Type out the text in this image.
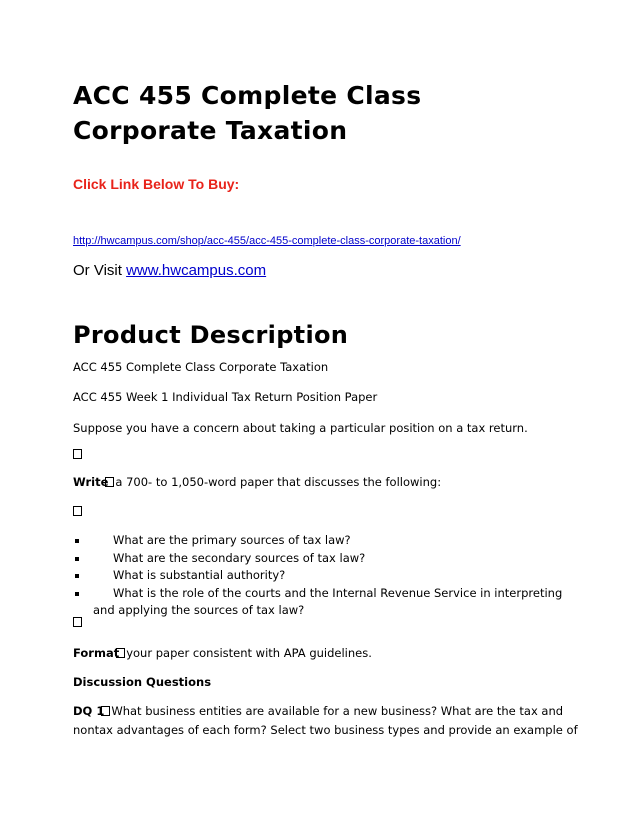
ACC 455 Complete Class
Corporate Taxation

Click Link Below To Buy:

http://hwcampus.com/shop/acc-455/acc-455-complete-class-corporate-taxation/
Or Visit www.hwcampus.com
Product Description

ACC 455 Complete Class Corporate Taxation

ACC 455 Week 1 Individual Tax Return Position Paper

Suppose you have a concern about taking a particular position on a tax return.

Write a 700- to 1,050-word paper that discusses the following:

What are the primary sources of tax law?
What are the secondary sources of tax law?
What is substantial authority?
What is the role of the courts and the Internal Revenue Service in interpreting
and applying the sources of tax law?

Format your paper consistent with APA guidelines.

Discussion Questions

DQ 1 What business entities are available for a new business? What are the tax and

nontax advantages of each form? Select two business types and provide an example of
